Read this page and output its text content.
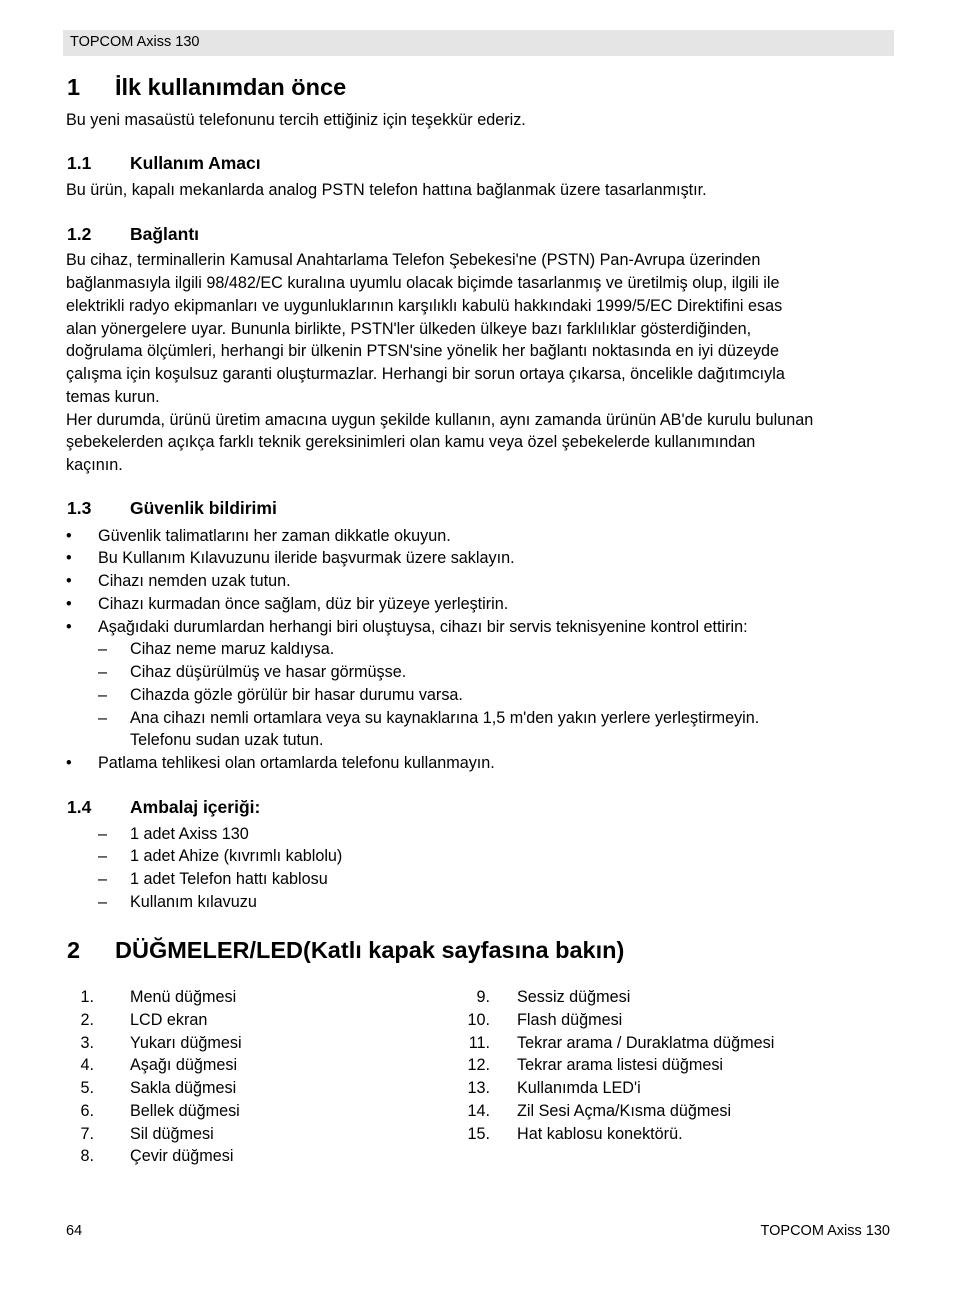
TOPCOM Axiss 130
1 İlk kullanımdan önce
Bu yeni masaüstü telefonunu tercih ettiğiniz için teşekkür ederiz.
1.1 Kullanım Amacı
Bu ürün, kapalı mekanlarda analog PSTN telefon hattına bağlanmak üzere tasarlanmıştır.
1.2 Bağlantı
Bu cihaz, terminallerin Kamusal Anahtarlama Telefon Şebekesi'ne (PSTN) Pan-Avrupa üzerinden
bağlanmasıyla ilgili 98/482/EC kuralına uyumlu olacak biçimde tasarlanmış ve üretilmiş olup, ilgili ile
elektrikli radyo ekipmanları ve uygunluklarının karşılıklı kabulü hakkındaki 1999/5/EC Direktifini esas
alan yönergelere uyar. Bununla birlikte, PSTN'ler ülkeden ülkeye bazı farklılıklar gösterdiğinden,
doğrulama ölçümleri, herhangi bir ülkenin PTSN'sine yönelik her bağlantı noktasında en iyi düzeyde
çalışma için koşulsuz garanti oluşturmazlar. Herhangi bir sorun ortaya çıkarsa, öncelikle dağıtımcıyla
temas kurun.
Her durumda, ürünü üretim amacına uygun şekilde kullanın, aynı zamanda ürünün AB'de kurulu bulunan
şebekelerden açıkça farklı teknik gereksinimleri olan kamu veya özel şebekelerde kullanımından
kaçının.
1.3 Güvenlik bildirimi
• Güvenlik talimatlarını her zaman dikkatle okuyun.
• Bu Kullanım Kılavuzunu ileride başvurmak üzere saklayın.
• Cihazı nemden uzak tutun.
• Cihazı kurmadan önce sağlam, düz bir yüzeye yerleştirin.
• Aşağıdaki durumlardan herhangi biri oluştuysa, cihazı bir servis teknisyenine kontrol ettirin:
– Cihaz neme maruz kaldıysa.
– Cihaz düşürülmüş ve hasar görmüşse.
– Cihazda gözle görülür bir hasar durumu varsa.
– Ana cihazı nemli ortamlara veya su kaynaklarına 1,5 m'den yakın yerlere yerleştirmeyin.
Telefonu sudan uzak tutun.
• Patlama tehlikesi olan ortamlarda telefonu kullanmayın.
1.4 Ambalaj içeriği:
– 1 adet Axiss 130
– 1 adet Ahize (kıvrımlı kablolu)
– 1 adet Telefon hattı kablosu
– Kullanım kılavuzu
2 DÜĞMELER/LED(Katlı kapak sayfasına bakın)
1. Menü düğmesi
2. LCD ekran
3. Yukarı düğmesi
4. Aşağı düğmesi
5. Sakla düğmesi
6. Bellek düğmesi
7. Sil düğmesi
8. Çevir düğmesi
9. Sessiz düğmesi
10. Flash düğmesi
11. Tekrar arama / Duraklatma düğmesi
12. Tekrar arama listesi düğmesi
13. Kullanımda LED'i
14. Zil Sesi Açma/Kısma düğmesi
15. Hat kablosu konektörü.
64	TOPCOM Axiss 130
